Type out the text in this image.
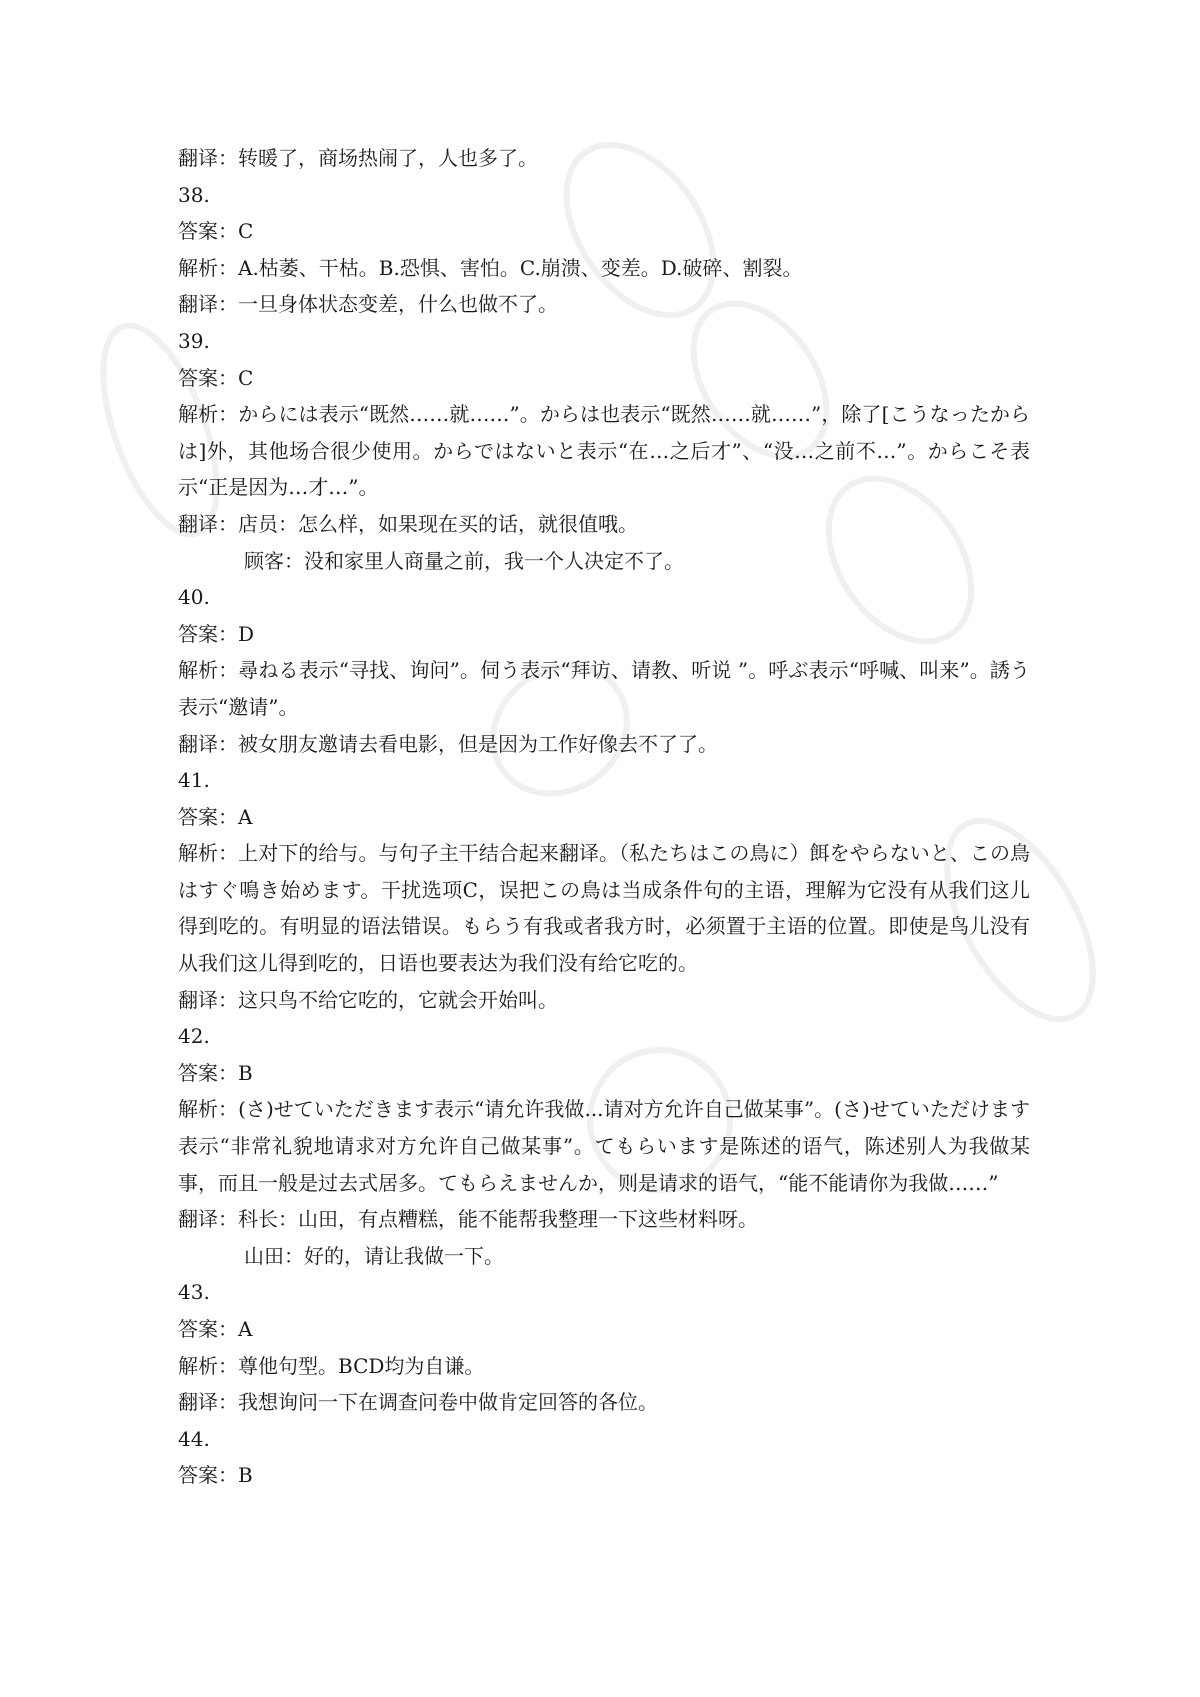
翻译：转暖了，商场热闹了，人也多了。
38.
答案：C
解析：A.枯萎、干枯。B.恐惧、害怕。C.崩溃、变差。D.破碎、割裂。
翻译：一旦身体状态变差，什么也做不了。
39.
答案：C
解析：からには表示“既然……就……”。からは也表示“既然……就……”，除了[こうなったからは]外，其他场合很少使用。からではないと表示“在…之后才”、“没…之前不…”。からこそ表示“正是因为…才…”。
翻译：店员：怎么样，如果现在买的话，就很值哦。
顾客：没和家里人商量之前，我一个人决定不了。
40.
答案：D
解析：尋ねる表示“寻找、询问”。伺う表示“拜访、请教、听说 ”。呼ぶ表示“呼喊、叫来”。誘う表示“邀请”。
翻译：被女朋友邀请去看电影，但是因为工作好像去不了了。
41.
答案：A
解析：上对下的给与。与句子主干结合起来翻译。（私たちはこの鳥に）餌をやらないと、この鳥はすぐ鳴き始めます。干扰选项C，误把この鳥は当成条件句的主语，理解为它没有从我们这儿得到吃的。有明显的语法错误。もらう有我或者我方时，必须置于主语的位置。即使是鸟儿没有从我们这儿得到吃的，日语也要表达为我们没有给它吃的。
翻译：这只鸟不给它吃的，它就会开始叫。
42.
答案：B
解析：(さ)せていただきます表示“请允许我做...请对方允许自己做某事”。(さ)せていただけます表示“非常礼貌地请求对方允许自己做某事”。てもらいます是陈述的语气，陈述别人为我做某事，而且一般是过去式居多。てもらえませんか，则是请求的语气，“能不能请你为我做……”
翻译：科长：山田，有点糟糕，能不能帮我整理一下这些材料呀。
山田：好的，请让我做一下。
43.
答案：A
解析：尊他句型。BCD均为自谦。
翻译：我想询问一下在调查问卷中做肯定回答的各位。
44.
答案：B
